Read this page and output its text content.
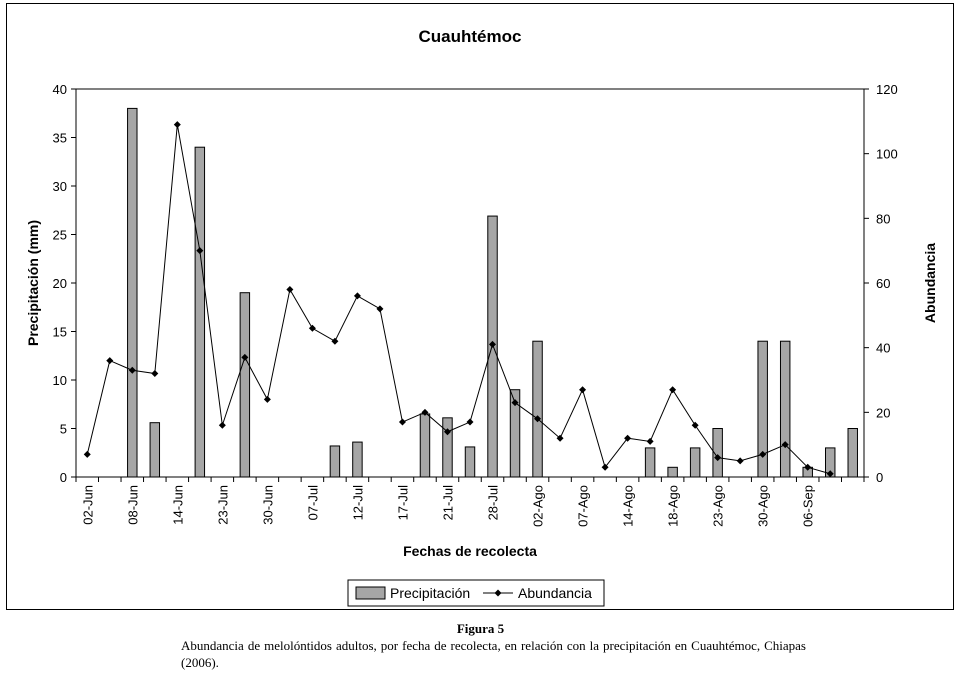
Cuauhtémoc
0
5
10
15
20
25
30
35
40
0
20
40
60
80
100
120
02-Jun 08-Jun 14-Jun 23-Jun 30-Jun 07-Jul 12-Jul 17-Jul 21-Jul 28-Jul 02-Ago 07-Ago 14-Ago 18-Ago 23-Ago 30-Ago 06-Sep
Fechas de recolecta
Precipitación (mm)	Abundancia
Precipitación	Abundancia
Figura 5
Abundancia de melolóntidos adultos, por fecha de recolecta, en relación con la precipitación en Cuauhtémoc, Chiapas (2006).
